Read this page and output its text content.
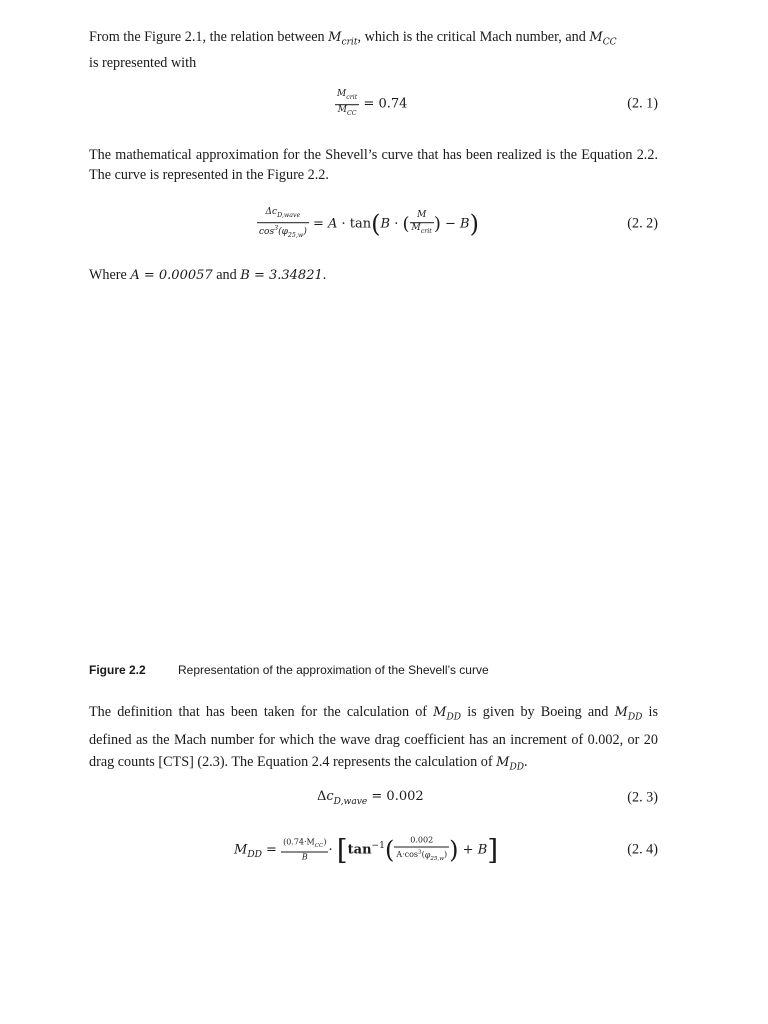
From the Figure 2.1, the relation between $M_{crit}$, which is the critical Mach number, and $M_{CC}$
is represented with
$\frac{M_{crit}}{M_{CC}} = 0.74$	(2. 1)
The mathematical approximation for the Shevell’s curve that has been realized is the Equation 2.2. The curve is represented in the Figure 2.2.
$\frac{\Delta c_{D,wave}}{\cos^3(\varphi_{25,w})} = A \cdot \tan(B$ · ( $\frac{M}{M_{crit}}$ ) − B)	(2. 2)
Where A = 0.00057 and B = 3.34821.
Figure 2.2	Representation of the approximation of the Shevell’s curve
The definition that has been taken for the calculation of $M_{DD}$ is given by Boeing and $M_{DD}$ is defined as the Mach number for which the wave drag coefficient has an increment of 0.002, or 20 drag counts [CTS] (2.3). The Equation 2.4 represents the calculation of $M_{DD}$.
$\Delta c_{D,wave} = 0.002$	(2. 3)
$M_{DD} = \frac{(0.74\cdot M_{CC})}{B} \cdot [\tan^{-1}( \frac{0.002}{A\cdot\cos^3(\varphi_{25,w})}$ ) + B]	(2. 4)
